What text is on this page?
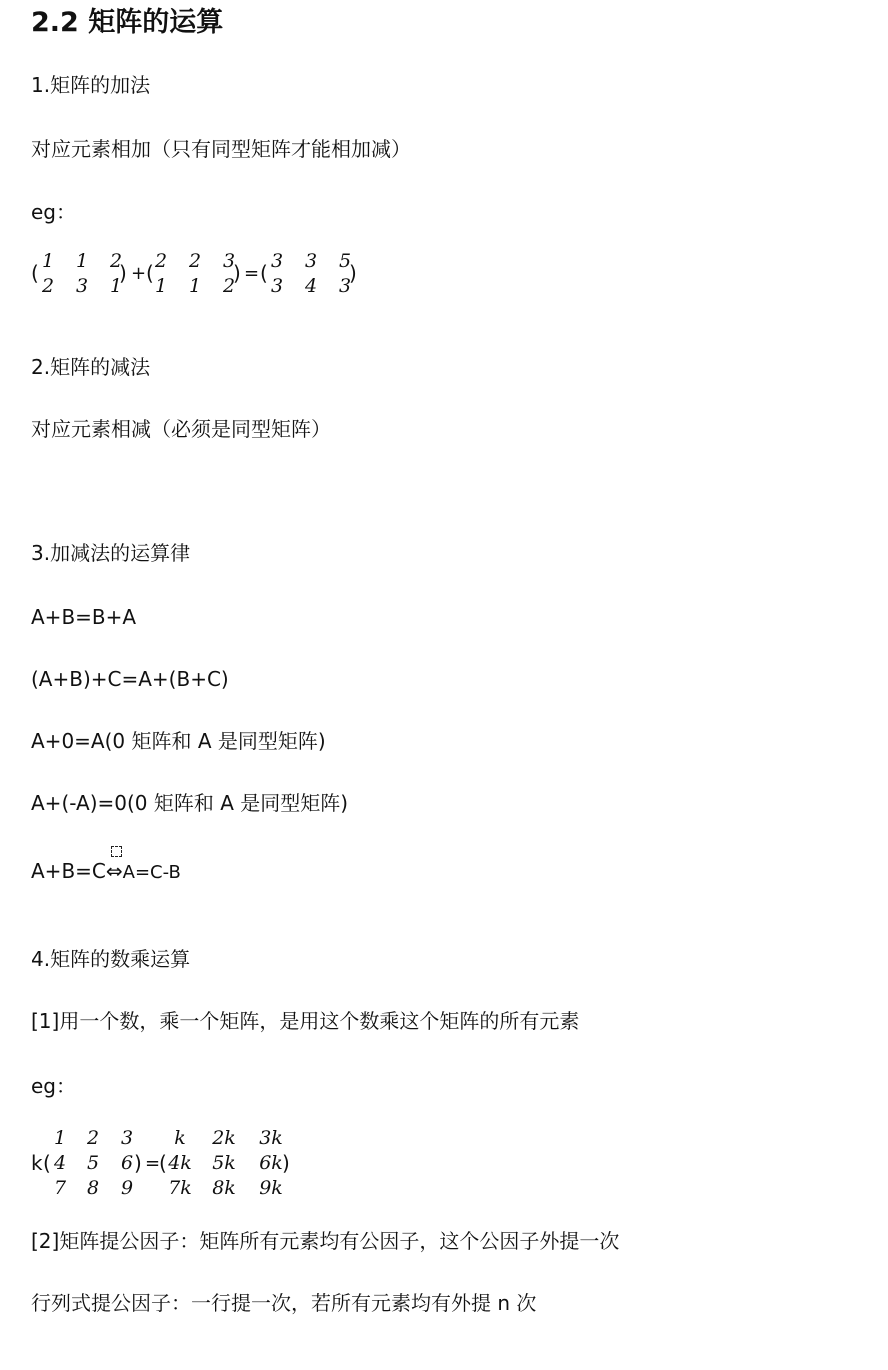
2.2 矩阵的运算
1.矩阵的加法
对应元素相加（只有同型矩阵才能相加减）
eg：
( 1	1	2
2	3	1
) + ( 2	2	3
1	1	2
) = ( 3	3	5
3	4	3
)
2.矩阵的减法
对应元素相减（必须是同型矩阵）
3.加减法的运算律
A+B=B+A
(A+B)+C=A+(B+C)
A+0=A(0 矩阵和 A 是同型矩阵)
A+(-A)=0(0 矩阵和 A 是同型矩阵)
A+B=C
⇔A=C-B
4.矩阵的数乘运算
[1]用一个数，乘一个矩阵，是用这个数乘这个矩阵的所有元素
eg：
k (
1	2	3
4	5	6
7	8	9
) =
(
k	2k	3k
4k	5k	6k
7k	8k	9k
)
[2]矩阵提公因子：矩阵所有元素均有公因子，这个公因子外提一次
行列式提公因子：一行提一次，若所有元素均有外提 n 次
